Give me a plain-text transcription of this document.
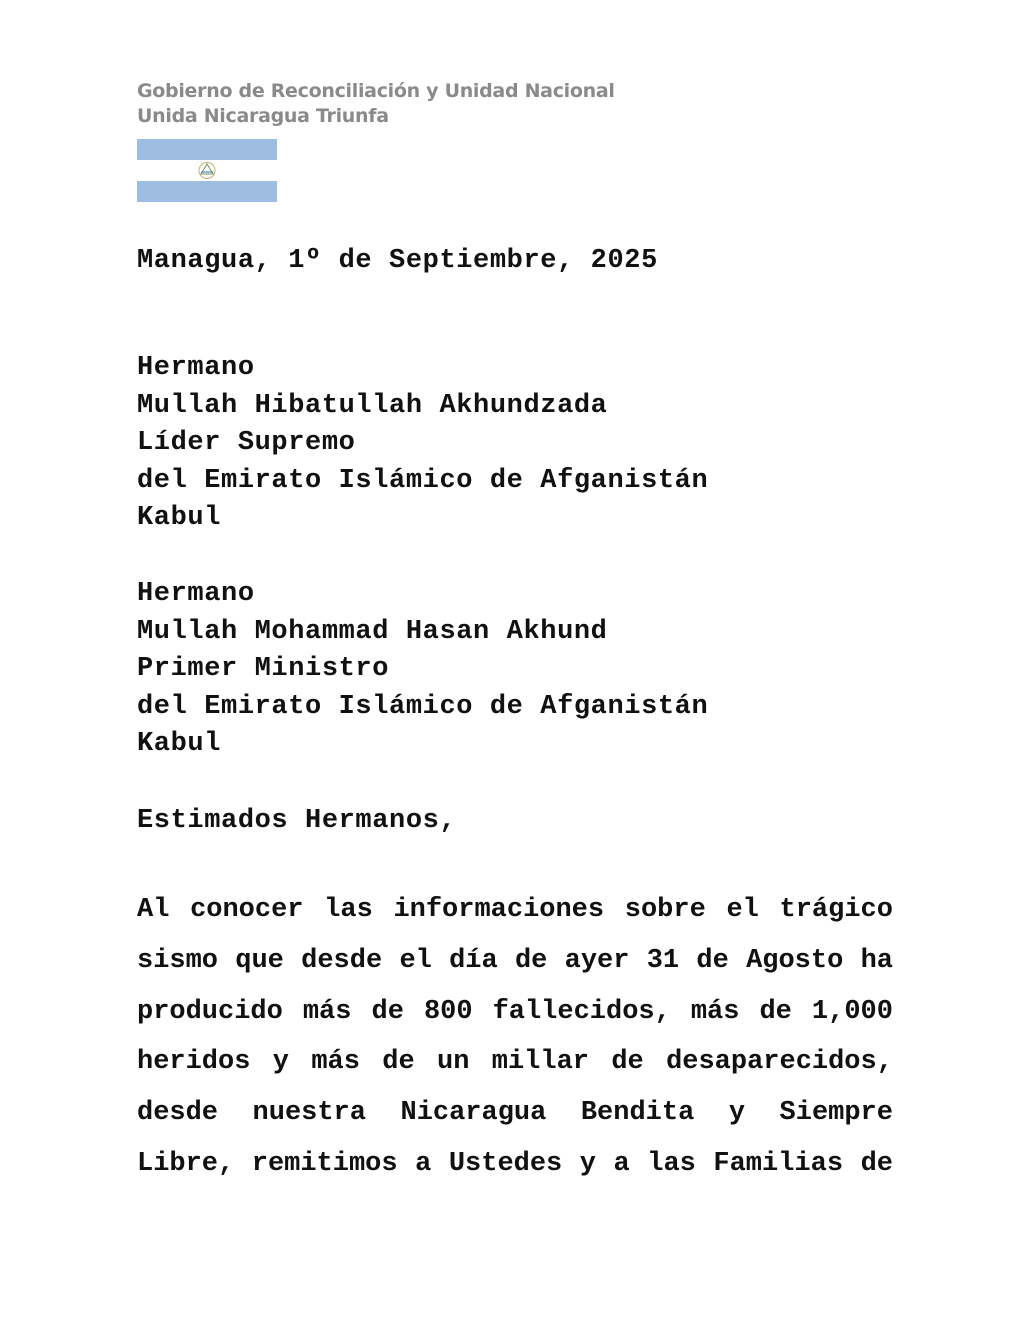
Gobierno de Reconciliación y Unidad Nacional
Unida Nicaragua Triunfa
Managua, 1º de Septiembre, 2025
Hermano
Mullah Hibatullah Akhundzada
Líder Supremo
del Emirato Islámico de Afganistán
Kabul
Hermano
Mullah Mohammad Hasan Akhund
Primer Ministro
del Emirato Islámico de Afganistán
Kabul
Estimados Hermanos,
Al conocer las informaciones sobre el trágico
sismo que desde el día de ayer 31 de Agosto ha
producido más de 800 fallecidos, más de 1,000
heridos y más de un millar de desaparecidos,
desde nuestra Nicaragua Bendita y Siempre
Libre, remitimos a Ustedes y a las Familias de
